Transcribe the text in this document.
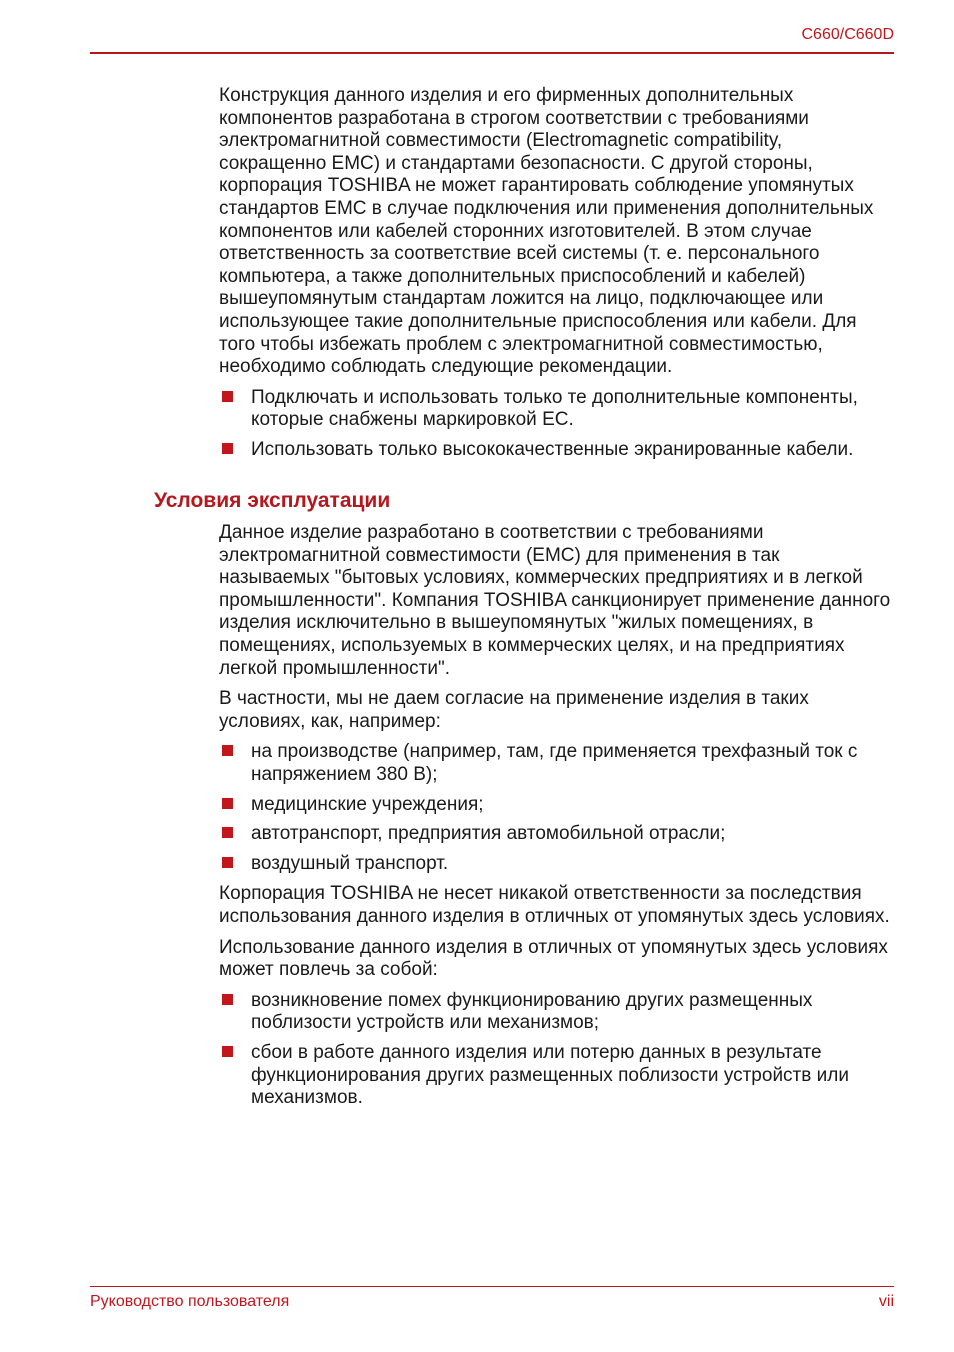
C660/C660D

Конструкция данного изделия и его фирменных дополнительных компонентов разработана в строгом соответствии с требованиями электромагнитной совместимости (Electromagnetic compatibility, сокращенно EMC) и стандартами безопасности. С другой стороны, корпорация TOSHIBA не может гарантировать соблюдение упомянутых стандартов EMC в случае подключения или применения дополнительных компонентов или кабелей сторонних изготовителей. В этом случае ответственность за соответствие всей системы (т. е. персонального компьютера, а также дополнительных приспособлений и кабелей) вышеупомянутым стандартам ложится на лицо, подключающее или использующее такие дополнительные приспособления или кабели. Для того чтобы избежать проблем с электромагнитной совместимостью, необходимо соблюдать следующие рекомендации.

Подключать и использовать только те дополнительные компоненты, которые снабжены маркировкой EC.
Использовать только высококачественные экранированные кабели.
Условия эксплуатации

Данное изделие разработано в соответствии с требованиями электромагнитной совместимости (EMC) для применения в так называемых "бытовых условиях, коммерческих предприятиях и в легкой промышленности". Компания TOSHIBA санкционирует применение данного изделия исключительно в вышеупомянутых "жилых помещениях, в помещениях, используемых в коммерческих целях, и на предприятиях легкой промышленности".

В частности, мы не даем согласие на применение изделия в таких условиях, как, например:

на производстве (например, там, где применяется трехфазный ток с напряжением 380 В);
медицинские учреждения;
автотранспорт, предприятия автомобильной отрасли;
воздушный транспорт.

Корпорация TOSHIBA не несет никакой ответственности за последствия использования данного изделия в отличных от упомянутых здесь условиях.

Использование данного изделия в отличных от упомянутых здесь условиях может повлечь за собой:

возникновение помех функционированию других размещенных поблизости устройств или механизмов;
сбои в работе данного изделия или потерю данных в результате функционирования других размещенных поблизости устройств или механизмов.
Руководство пользователя	vii
